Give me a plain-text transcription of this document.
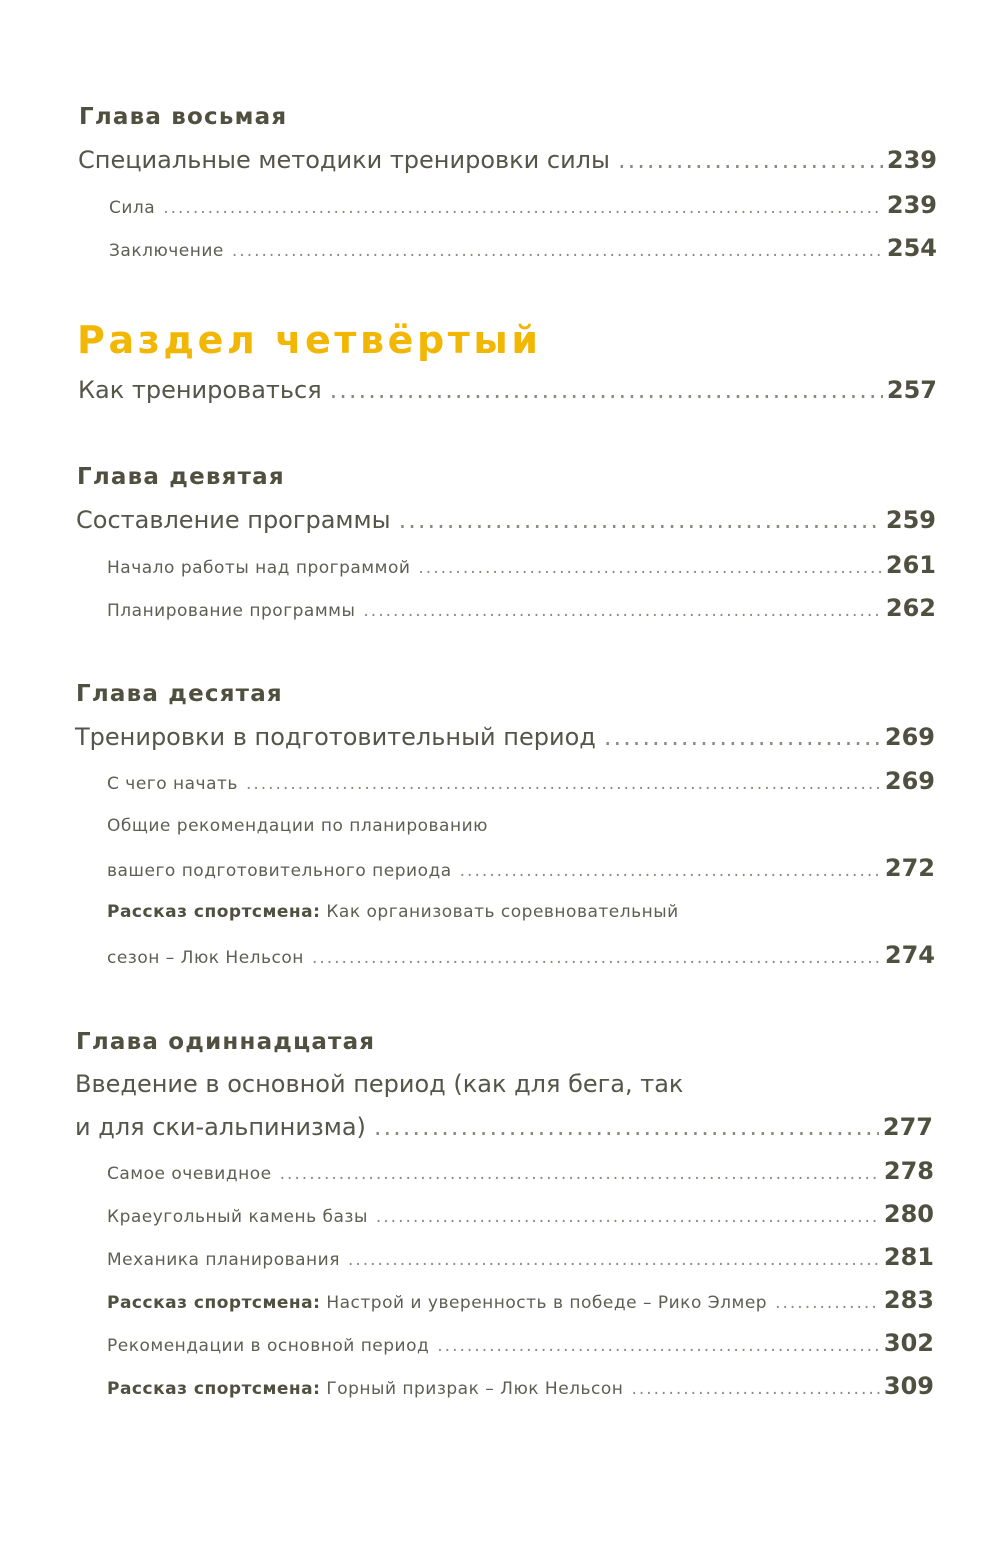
Глава восьмая
Специальные методики тренировки силы .....	239
Сила .....	239
Заключение .....	254
Раздел четвёртый
Как тренироваться .....	257
Глава девятая
Составление программы .....	259
Начало работы над программой .....	261
Планирование программы .....	262
Глава десятая
Тренировки в подготовительный период .....	269
С чего начать .....	269
Общие рекомендации по планированию
вашего подготовительного периода .....	272
Рассказ спортсмена: Как организовать соревновательный
сезон – Люк Нельсон .....	274
Глава одиннадцатая
Введение в основной период (как для бега, так
и для ски-альпинизма) .....	277
Самое очевидное .....	278
Краеугольный камень базы .....	280
Механика планирования .....	281
Рассказ спортсмена: Настрой и уверенность в победе – Рико Элмер .....	283
Рекомендации в основной период .....	302
Рассказ спортсмена: Горный призрак – Люк Нельсон .....	309
